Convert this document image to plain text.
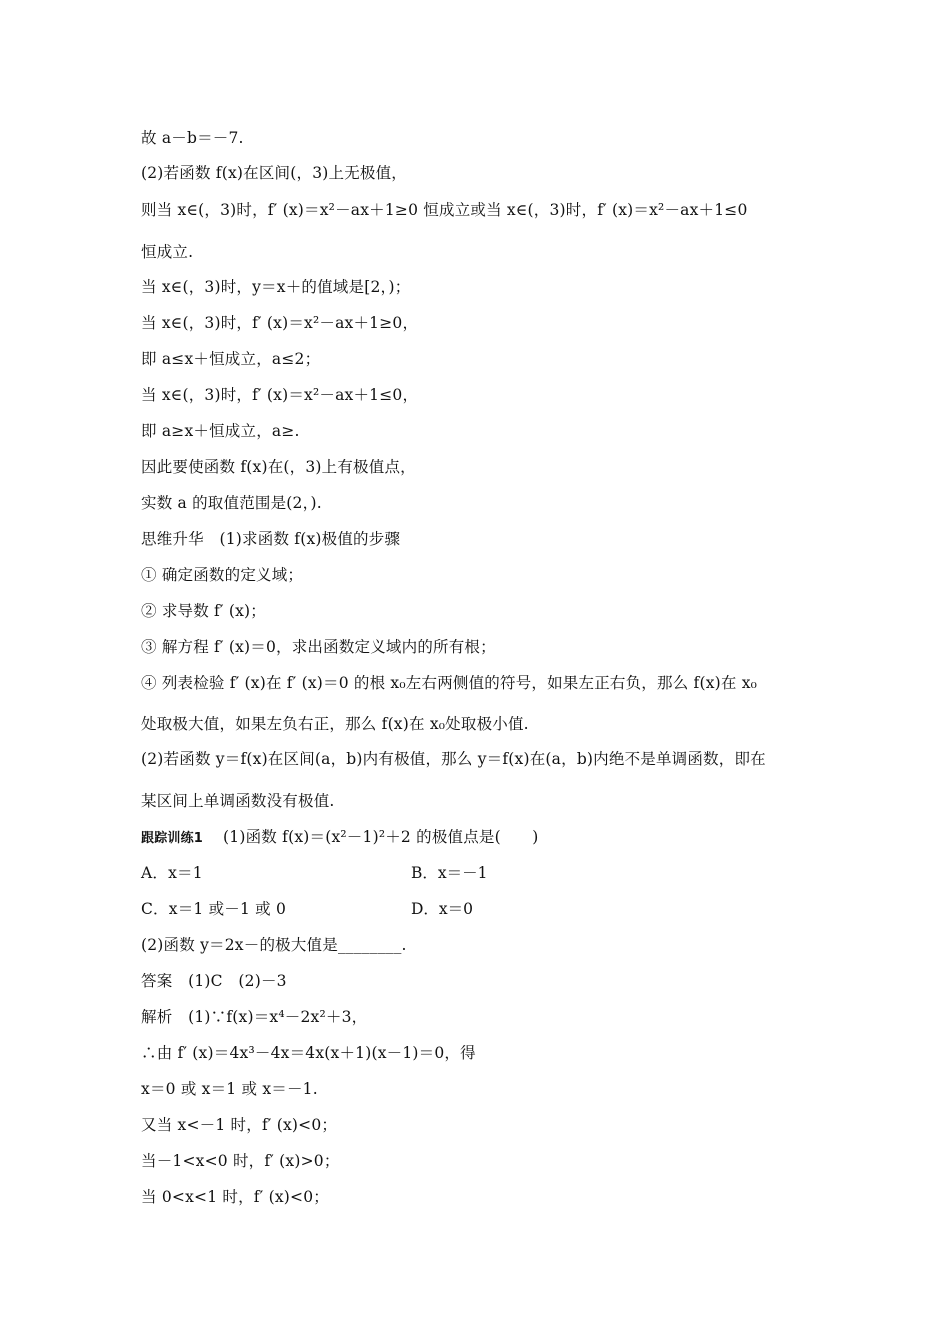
故 a－b＝－7.
(2)若函数 f(x)在区间(，3)上无极值，
则当 x∈(，3)时，f′ (x)＝x²－ax＋1≥0 恒成立或当 x∈(，3)时，f′ (x)＝x²－ax＋1≤0
恒成立.
当 x∈(，3)时，y＝x＋的值域是[2，)；
当 x∈(，3)时，f′ (x)＝x²－ax＋1≥0，
即 a≤x＋恒成立，a≤2；
当 x∈(，3)时，f′ (x)＝x²－ax＋1≤0，
即 a≥x＋恒成立，a≥.
因此要使函数 f(x)在(，3)上有极值点，
实数 a 的取值范围是(2，).
思维升华　(1)求函数 f(x)极值的步骤
① 确定函数的定义域；
② 求导数 f′ (x)；
③ 解方程 f′ (x)＝0，求出函数定义域内的所有根；
④ 列表检验 f′ (x)在 f′ (x)＝0 的根 x₀左右两侧值的符号，如果左正右负，那么 f(x)在 x₀
处取极大值，如果左负右正，那么 f(x)在 x₀处取极小值.
(2)若函数 y＝f(x)在区间(a，b)内有极值，那么 y＝f(x)在(a，b)内绝不是单调函数，即在
某区间上单调函数没有极值.
跟踪训练1 (1)函数 f(x)＝(x²－1)²＋2 的极值点是(　　)
A．x＝1	B．x＝－1
C．x＝1 或－1 或 0	D．x＝0
(2)函数 y＝2x－的极大值是________.
答案　(1)C　(2)－3
解析　(1)∵f(x)＝x⁴－2x²＋3，
∴由 f′ (x)＝4x³－4x＝4x(x＋1)(x－1)＝0，得
x＝0 或 x＝1 或 x＝－1.
又当 x<－1 时，f′ (x)<0；
当－1<x<0 时，f′ (x)>0；
当 0<x<1 时，f′ (x)<0；
